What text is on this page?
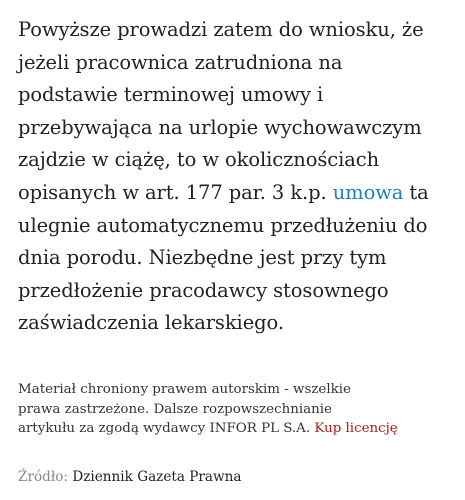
Powyższe prowadzi zatem do wniosku, że
jeżeli pracownica zatrudniona na
podstawie terminowej umowy i
przebywająca na urlopie wychowawczym
zajdzie w ciążę, to w okolicznościach
opisanych w art. 177 par. 3 k.p. umowa ta
ulegnie automatycznemu przedłużeniu do
dnia porodu. Niezbędne jest przy tym
przedłożenie pracodawcy stosownego
zaświadczenia lekarskiego.
Materiał chroniony prawem autorskim - wszelkie
prawa zastrzeżone. Dalsze rozpowszechnianie
artykułu za zgodą wydawcy INFOR PL S.A. Kup licencję
Źródło: Dziennik Gazeta Prawna
